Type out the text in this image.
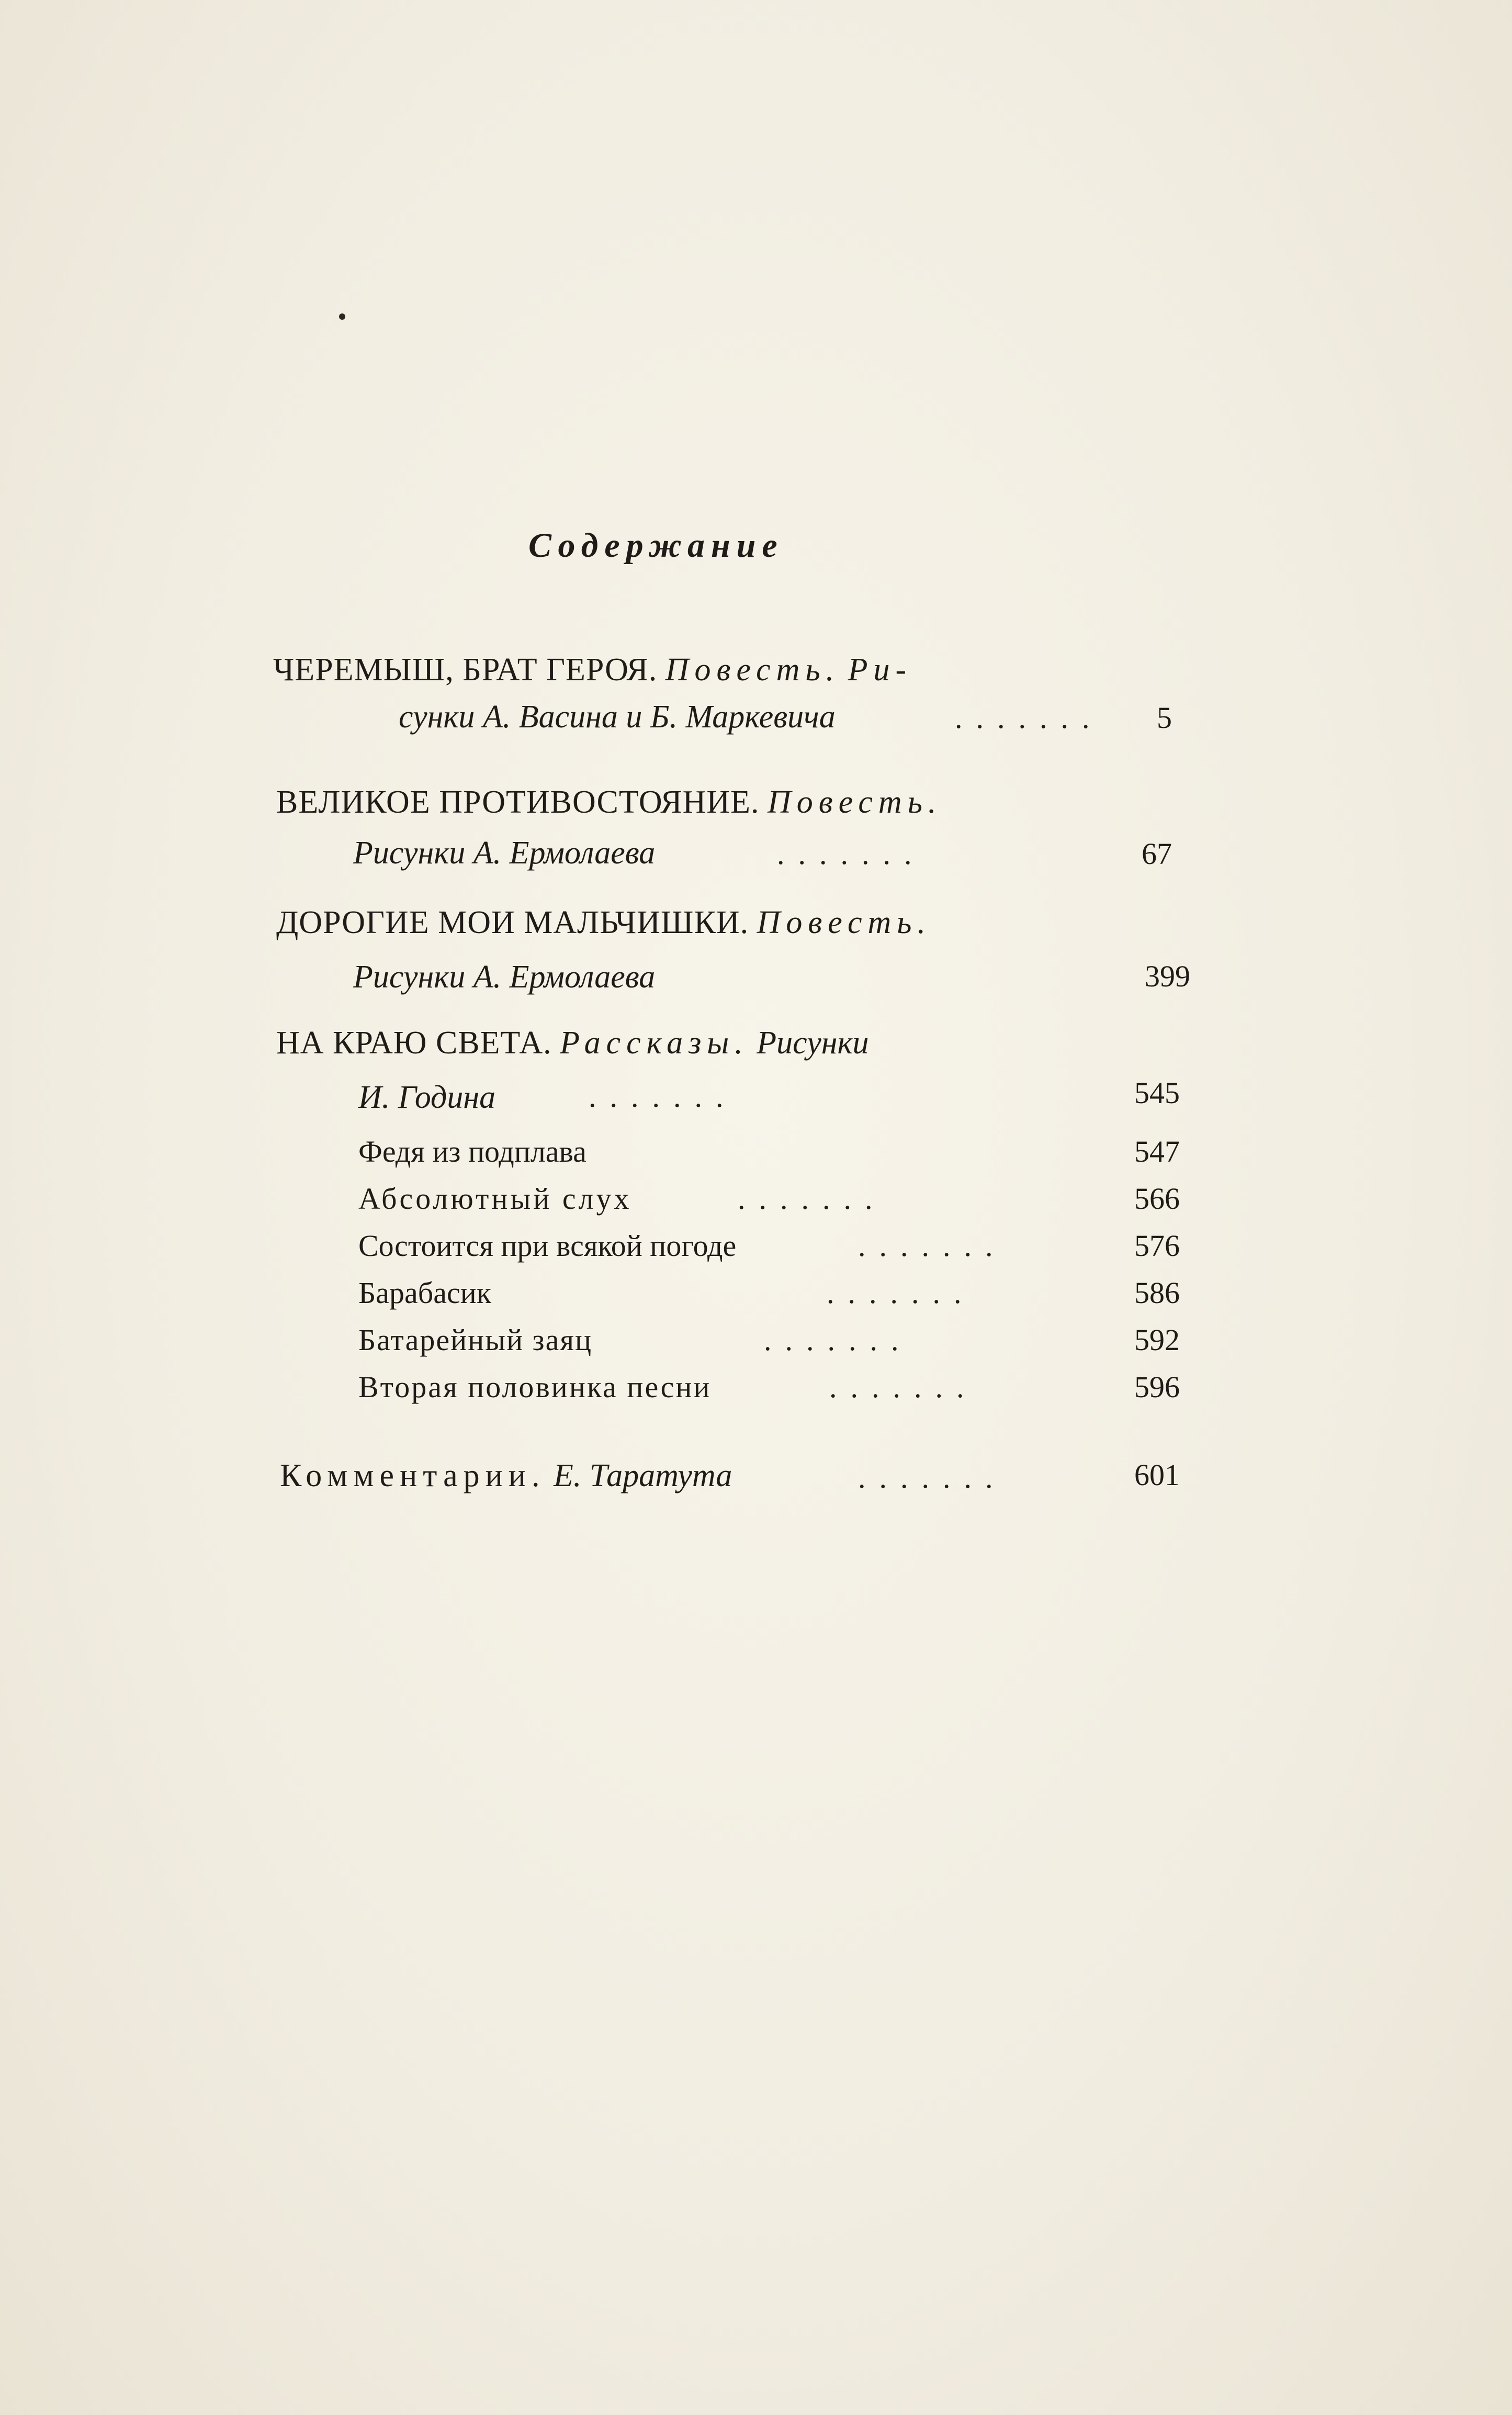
Содержание
ЧЕРЕМЫШ, БРАТ ГЕРОЯ. Повесть. Ри-
сунки А. Васина и Б. Маркевича	.......	5
ВЕЛИКОЕ ПРОТИВОСТОЯНИЕ. Повесть.
Рисунки А. Ермолаева	.......	67
ДОРОГИЕ МОИ МАЛЬЧИШКИ. Повесть.
Рисунки А. Ермолаева	399
НА КРАЮ СВЕТА. Рассказы. Рисунки
И. Година	.......	545
Федя из подплава	547
Абсолютный слух	.......	566
Состоится при всякой погоде	.......	576
Барабасик	.......	586
Батарейный заяц	.......	592
Вторая половинка песни	.......	596
Комментарии. Е. Таратута	.......	601
